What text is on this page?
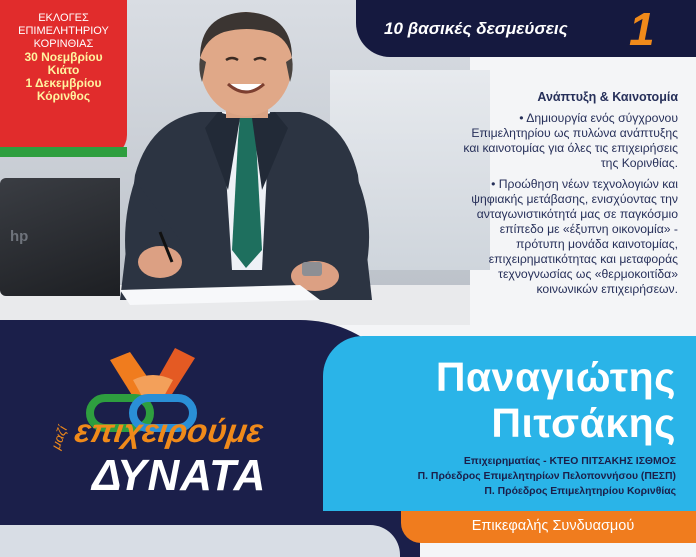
hp
ΕΚΛΟΓΕΣ
ΕΠΙΜΕΛΗΤΗΡΙΟΥ
ΚΟΡΙΝΘΙΑΣ
30 Νοεμβρίου
Κιάτο
1 Δεκεμβρίου
Κόρινθος
10 βασικές δεσμεύσεις 1
Ανάπτυξη & Καινοτομία
• Δημιουργία ενός σύγχρονου Επιμελητηρίου ως πυλώνα ανάπτυξης και καινοτομίας για όλες τις επιχειρήσεις της Κορινθίας.
• Προώθηση νέων τεχνολογιών και ψηφιακής μετάβασης, ενισχύοντας την ανταγωνιστικότητά μας σε παγκόσμιο επίπεδο με «έξυπνη οικονομία» - πρότυπη μονάδα καινοτομίας, επιχειρηματικότητας και μεταφοράς τεχνογνωσίας ως «θερμοκοιτίδα» κοινωνικών επιχειρήσεων.
μαζί επιχειρούμε
ΔΥΝΑΤΑ
Παναγιώτης
Πιτσάκης
Επιχειρηματίας - ΚΤΕΟ ΠΙΤΣΑΚΗΣ ΙΣΘΜΟΣ
Π. Πρόεδρος Επιμελητηρίων Πελοποννήσου (ΠΕΣΠ)
Π. Πρόεδρος Επιμελητηρίου Κορινθίας
Επικεφαλής Συνδυασμού
